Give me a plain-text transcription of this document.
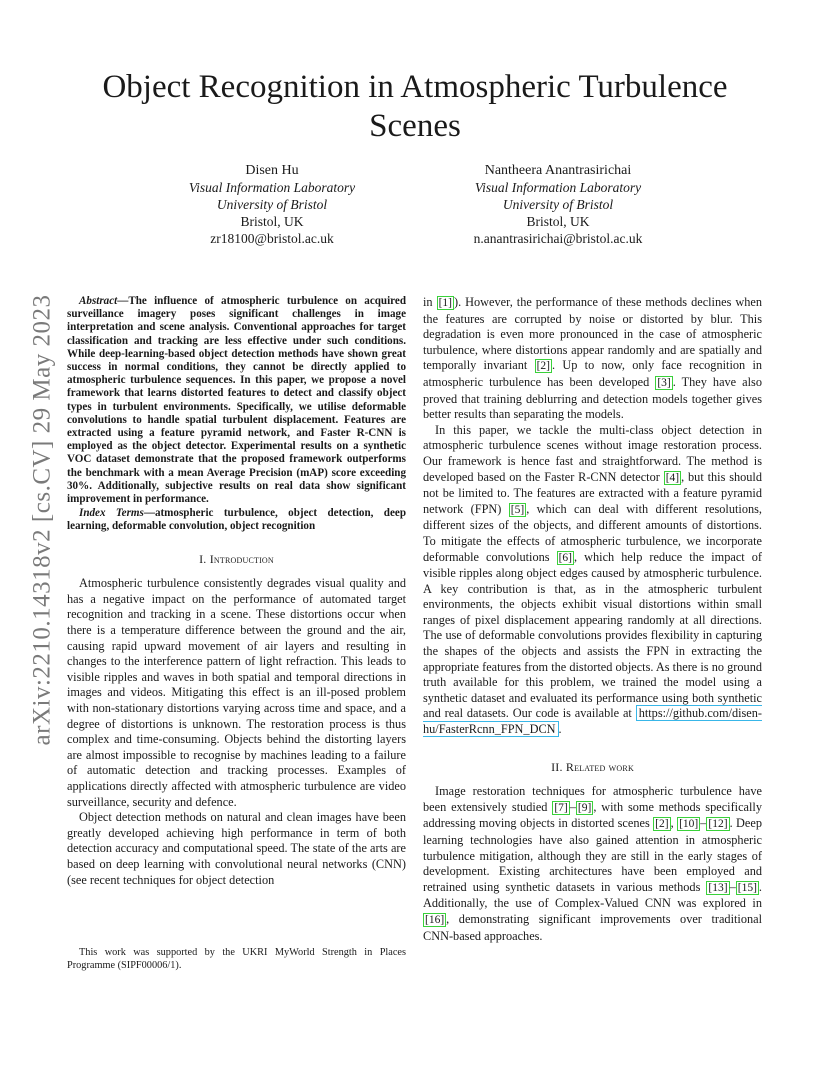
arXiv:2210.14318v2 [cs.CV] 29 May 2023
Object Recognition in Atmospheric Turbulence Scenes
Disen Hu
Visual Information Laboratory
University of Bristol
Bristol, UK
zr18100@bristol.ac.uk
Nantheera Anantrasirichai
Visual Information Laboratory
University of Bristol
Bristol, UK
n.anantrasirichai@bristol.ac.uk

Abstract—The influence of atmospheric turbulence on acquired surveillance imagery poses significant challenges in image interpretation and scene analysis. Conventional approaches for target classification and tracking are less effective under such conditions. While deep-learning-based object detection methods have shown great success in normal conditions, they cannot be directly applied to atmospheric turbulence sequences. In this paper, we propose a novel framework that learns distorted features to detect and classify object types in turbulent environments. Specifically, we utilise deformable convolutions to handle spatial turbulent displacement. Features are extracted using a feature pyramid network, and Faster R-CNN is employed as the object detector. Experimental results on a synthetic VOC dataset demonstrate that the proposed framework outperforms the benchmark with a mean Average Precision (mAP) score exceeding 30%. Additionally, subjective results on real data show significant improvement in performance.

Index Terms—atmospheric turbulence, object detection, deep learning, deformable convolution, object recognition

I. Introduction

Atmospheric turbulence consistently degrades visual quality and has a negative impact on the performance of automated target recognition and tracking in a scene. These distortions occur when there is a temperature difference between the ground and the air, causing rapid upward movement of air layers and resulting in changes to the interference pattern of light refraction. This leads to visible ripples and waves in both spatial and temporal directions in images and videos. Mitigating this effect is an ill-posed problem with non-stationary distortions varying across time and space, and a degree of distortions is unknown. The restoration process is thus complex and time-consuming. Objects behind the distorting layers are almost impossible to recognise by machines leading to a failure of automatic detection and tracking processes. Examples of applications directly affected with atmospheric turbulence are video surveillance, security and defence.

Object detection methods on natural and clean images have been greatly developed achieving high performance in term of both detection accuracy and computational speed. The state of the arts are based on deep learning with convolutional neural networks (CNN) (see recent techniques for object detection

This work was supported by the UKRI MyWorld Strength in Places Programme (SIPF00006/1).

in [1] ). However, the performance of these methods declines when the features are corrupted by noise or distorted by blur. This degradation is even more pronounced in the case of atmospheric turbulence, where distortions appear randomly and are spatially and temporally invariant [2] . Up to now, only face recognition in atmospheric turbulence has been developed [3] . They have also proved that training deblurring and detection models together gives better results than separating the models.

In this paper, we tackle the multi-class object detection in atmospheric turbulence scenes without image restoration process. Our framework is hence fast and straightforward. The method is developed based on the Faster R-CNN detector [4] , but this should not be limited to. The features are extracted with a feature pyramid network (FPN) [5] , which can deal with different resolutions, different sizes of the objects, and different amounts of distortions. To mitigate the effects of atmospheric turbulence, we incorporate deformable convolutions [6] , which help reduce the impact of visible ripples along object edges caused by atmospheric turbulence. A key contribution is that, as in the atmospheric turbulent environments, the objects exhibit visual distortions within small ranges of pixel displacement appearing randomly at all directions. The use of deformable convolutions provides flexibility in capturing the shapes of the objects and assists the FPN in extracting the appropriate features from the distorted objects. As there is no ground truth available for this problem, we trained the model using a synthetic dataset and evaluated its performance using both synthetic and real datasets. Our code is available at https://github.com/disen-hu/FasterRcnn_FPN_DCN .

II. Related work

Image restoration techniques for atmospheric turbulence have been extensively studied [7] – [9] , with some methods specifically addressing moving objects in distorted scenes [2] , [10] – [12] . Deep learning technologies have also gained attention in atmospheric turbulence mitigation, although they are still in the early stages of development. Existing architectures have been employed and retrained using synthetic datasets in various methods [13] – [15] . Additionally, the use of Complex-Valued CNN was explored in [16] , demonstrating significant improvements over traditional CNN-based approaches.
